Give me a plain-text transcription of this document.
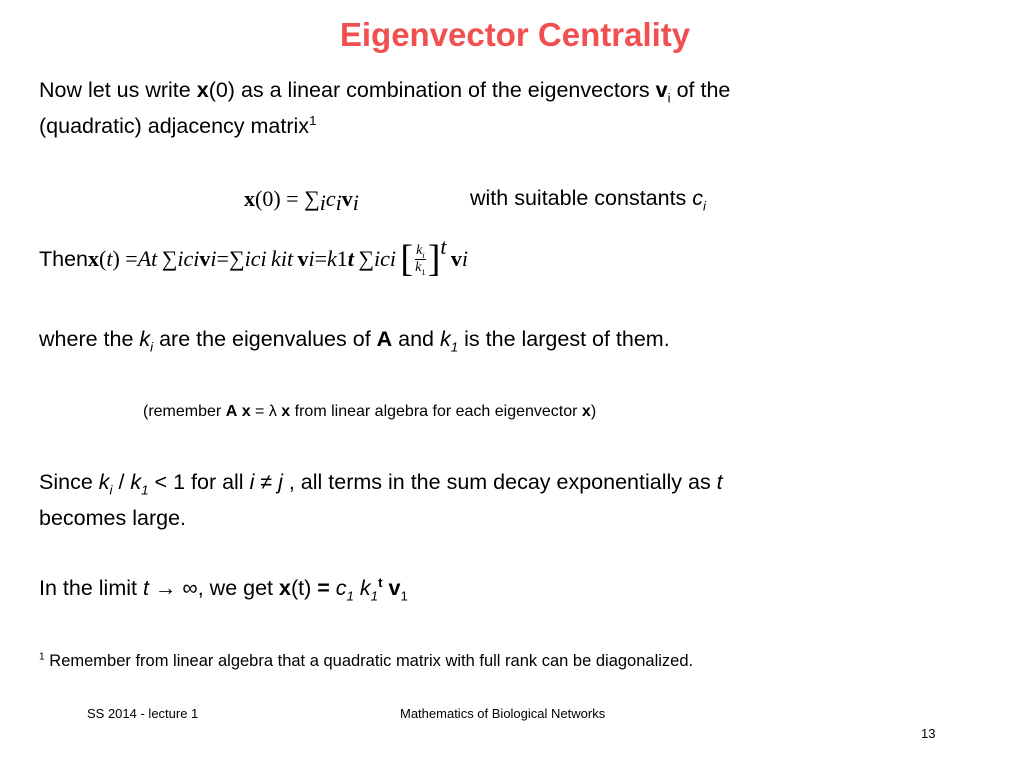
Eigenvector Centrality
Now let us write x(0) as a linear combination of the eigenvectors $v_i$ of the
(quadratic) adjacency matrix$^1$
$x(0) = \sum_ic_iv_i$	with suitable constants $c_i$
Then x ( t ) = A t
  ∑ i c i v i = ∑ i c i
  k i t
  v i = k 1 t
  ∑ i c i
  [ $\frac{k_i}{k_1} ]^t$
  v i
where the $k_i$ are the eigenvalues of A and $k_1$ is the largest of them.
(remember A x = λ x from linear algebra for each eigenvector x)
Since $k_i / k_1 < 1$ for all i ≠ j , all terms in the sum decay exponentially as t
becomes large.
In the limit t → ∞, we get $x(t) = c_1$ $k_1^t$ $v_1$
$^1$ Remember from linear algebra that a quadratic matrix with full rank can be diagonalized.
SS 2014 - lecture 1	Mathematics of Biological Networks
13
